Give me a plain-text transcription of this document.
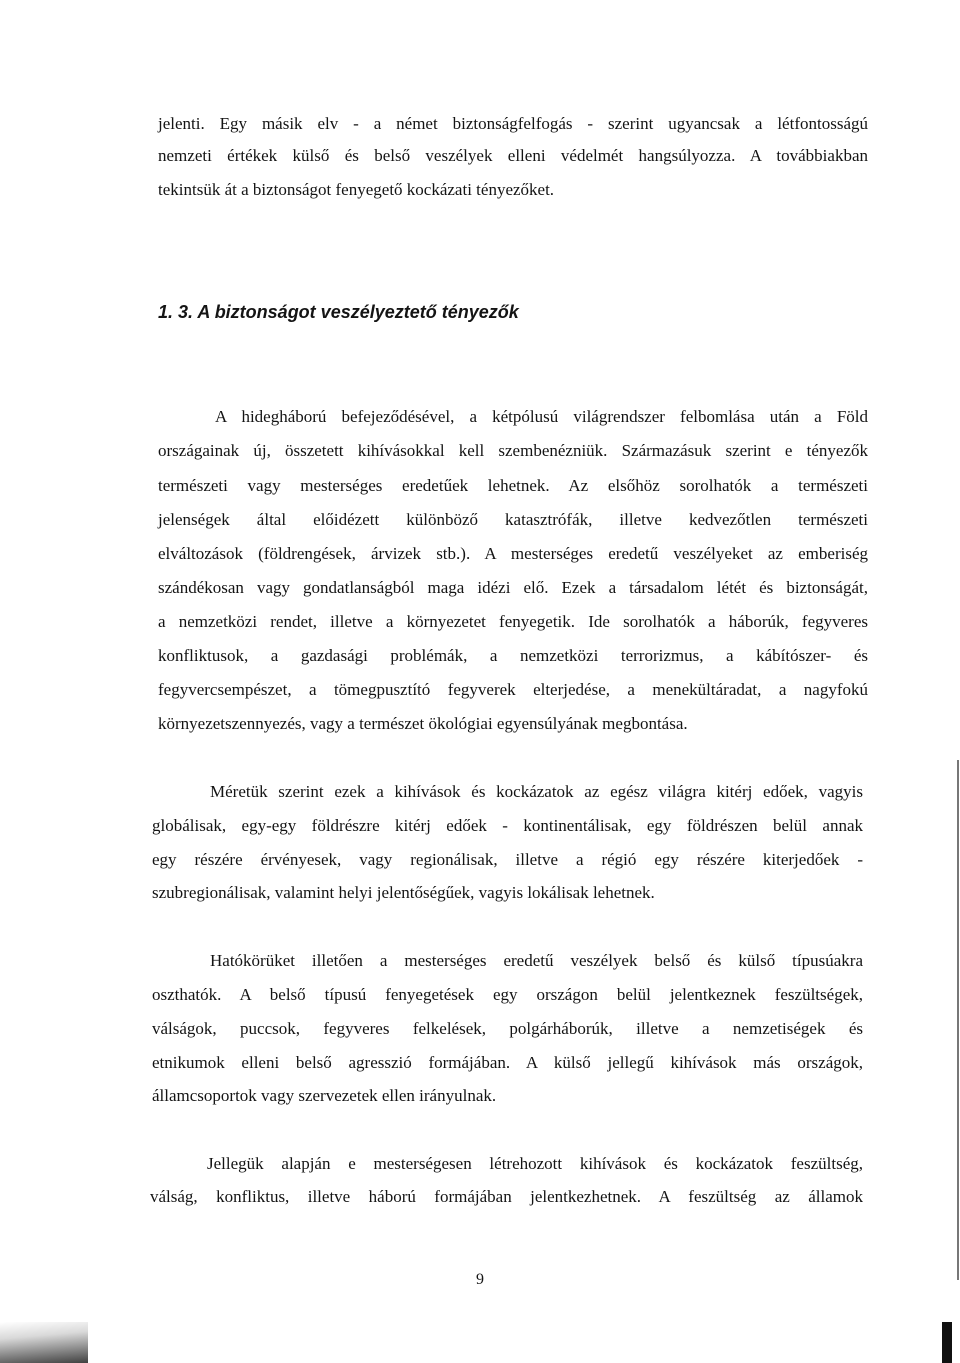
jelenti. Egy másik elv - a német biztonságfelfogás - szerint ugyancsak a létfontosságú

nemzeti értékek külső és belső veszélyek elleni védelmét hangsúlyozza. A továbbiakban

tekintsük át a biztonságot fenyegető kockázati tényezőket.

1. 3. A biztonságot veszélyeztető tényezők

A hidegháború befejeződésével, a kétpólusú világrendszer felbomlása után a Föld

országainak új, összetett kihívásokkal kell szembenézniük. Származásuk szerint e tényezők

természeti vagy mesterséges eredetűek lehetnek. Az elsőhöz sorolhatók a természeti

jelenségek által előidézett különböző katasztrófák, illetve kedvezőtlen természeti

elváltozások (földrengések, árvizek stb.). A mesterséges eredetű veszélyeket az emberiség

szándékosan vagy gondatlanságból maga idézi elő. Ezek a társadalom létét és biztonságát,

a nemzetközi rendet, illetve a környezetet fenyegetik. Ide sorolhatók a háborúk, fegyveres

konfliktusok, a gazdasági problémák, a nemzetközi terrorizmus, a kábítószer- és

fegyvercsempészet, a tömegpusztító fegyverek elterjedése, a menekültáradat, a nagyfokú

környezetszennyezés, vagy a természet ökológiai egyensúlyának megbontása.

Méretük szerint ezek a kihívások és kockázatok az egész világra kitérj edőek, vagyis

globálisak, egy-egy földrészre kitérj edőek - kontinentálisak, egy földrészen belül annak

egy részére érvényesek, vagy regionálisak, illetve a régió egy részére kiterjedőek -

szubregionálisak, valamint helyi jelentőségűek, vagyis lokálisak lehetnek.

Hatókörüket illetően a mesterséges eredetű veszélyek belső és külső típusúakra

oszthatók. A belső típusú fenyegetések egy országon belül jelentkeznek feszültségek,

válságok, puccsok, fegyveres felkelések, polgárháborúk, illetve a nemzetiségek és

etnikumok elleni belső agresszió formájában. A külső jellegű kihívások más országok,

államcsoportok vagy szervezetek ellen irányulnak.

Jellegük alapján e mesterségesen létrehozott kihívások és kockázatok feszültség,

válság, konfliktus, illetve háború formájában jelentkezhetnek. A feszültség az államok

9
